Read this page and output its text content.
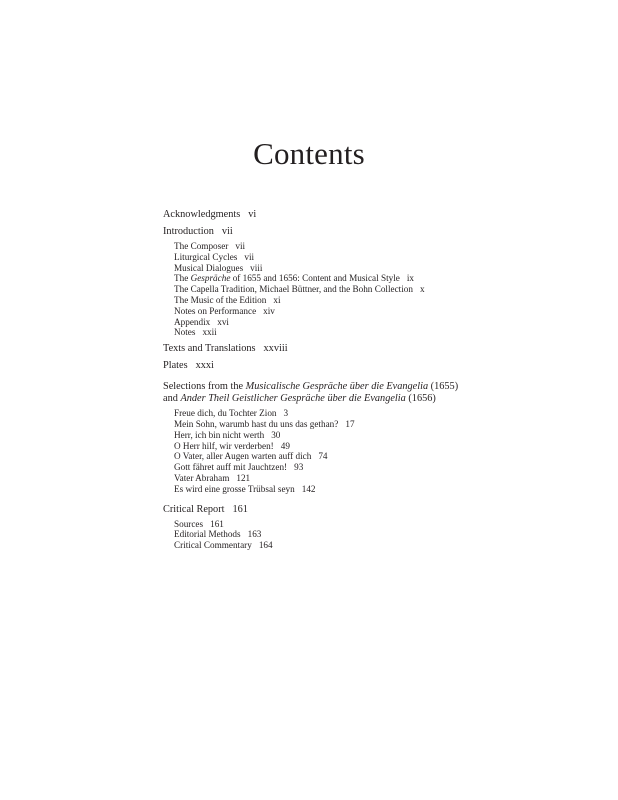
Contents
Acknowledgments vi
Introduction vii
The Composer vii
Liturgical Cycles vii
Musical Dialogues viii
The Gespräche of 1655 and 1656: Content and Musical Style ix
The Capella Tradition, Michael Büttner, and the Bohn Collection x
The Music of the Edition xi
Notes on Performance xiv
Appendix xvi
Notes xxii
Texts and Translations xxviii
Plates xxxi
Selections from the Musicalische Gespräche über die Evangelia (1655)
and Ander Theil Geistlicher Gespräche über die Evangelia (1656)
Freue dich, du Tochter Zion 3
Mein Sohn, warumb hast du uns das gethan? 17
Herr, ich bin nicht werth 30
O Herr hilf, wir verderben! 49
O Vater, aller Augen warten auff dich 74
Gott fähret auff mit Jauchtzen! 93
Vater Abraham 121
Es wird eine grosse Trübsal seyn 142
Critical Report 161
Sources 161
Editorial Methods 163
Critical Commentary 164
